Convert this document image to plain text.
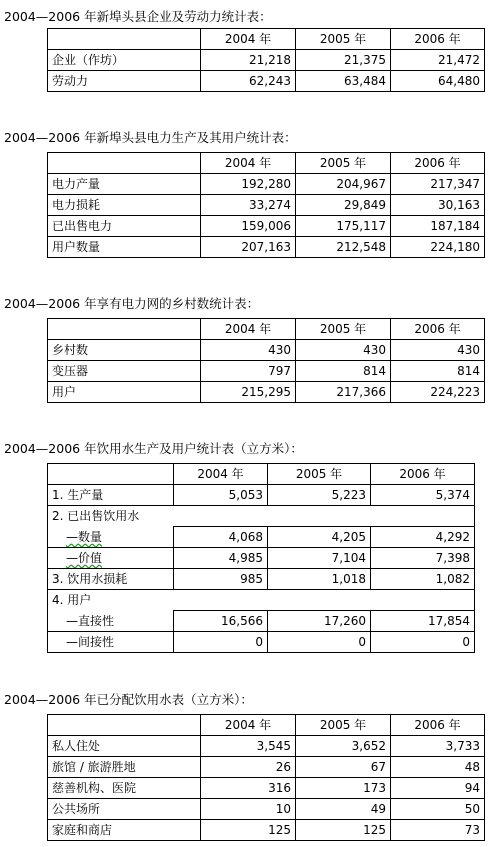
2004—2006 年新埠头县企业及劳动力统计表：
	2004 年	2005 年	2006 年
企业（作坊）	21,218	21,375	21,472
劳动力	62,243	63,484	64,480
2004—2006 年新埠头县电力生产及其用户统计表：
	2004 年	2005 年	2006 年
电力产量	192,280	204,967	217,347
电力损耗	33,274	29,849	30,163
已出售电力	159,006	175,117	187,184
用户数量	207,163	212,548	224,180
2004—2006 年享有电力网的乡村数统计表：
	2004 年	2005 年	2006 年
乡村数	430	430	430
变压器	797	814	814
用户	215,295	217,366	224,223
2004—2006 年饮用水生产及用户统计表（立方米）：
	2004 年	2005 年	2006 年
1. 生产量	5,053	5,223	5,374
2. 已出售饮用水			
—数量	4,068	4,205	4,292
—价值	4,985	7,104	7,398
3. 饮用水损耗	985	1,018	1,082
4. 用户			
—直接性	16,566	17,260	17,854
—间接性	0	0	0
2004—2006 年已分配饮用水表（立方米）：
	2004 年	2005 年	2006 年
私人住处	3,545	3,652	3,733
旅馆 / 旅游胜地	26	67	48
慈善机构、医院	316	173	94
公共场所	10	49	50
家庭和商店	125	125	73
